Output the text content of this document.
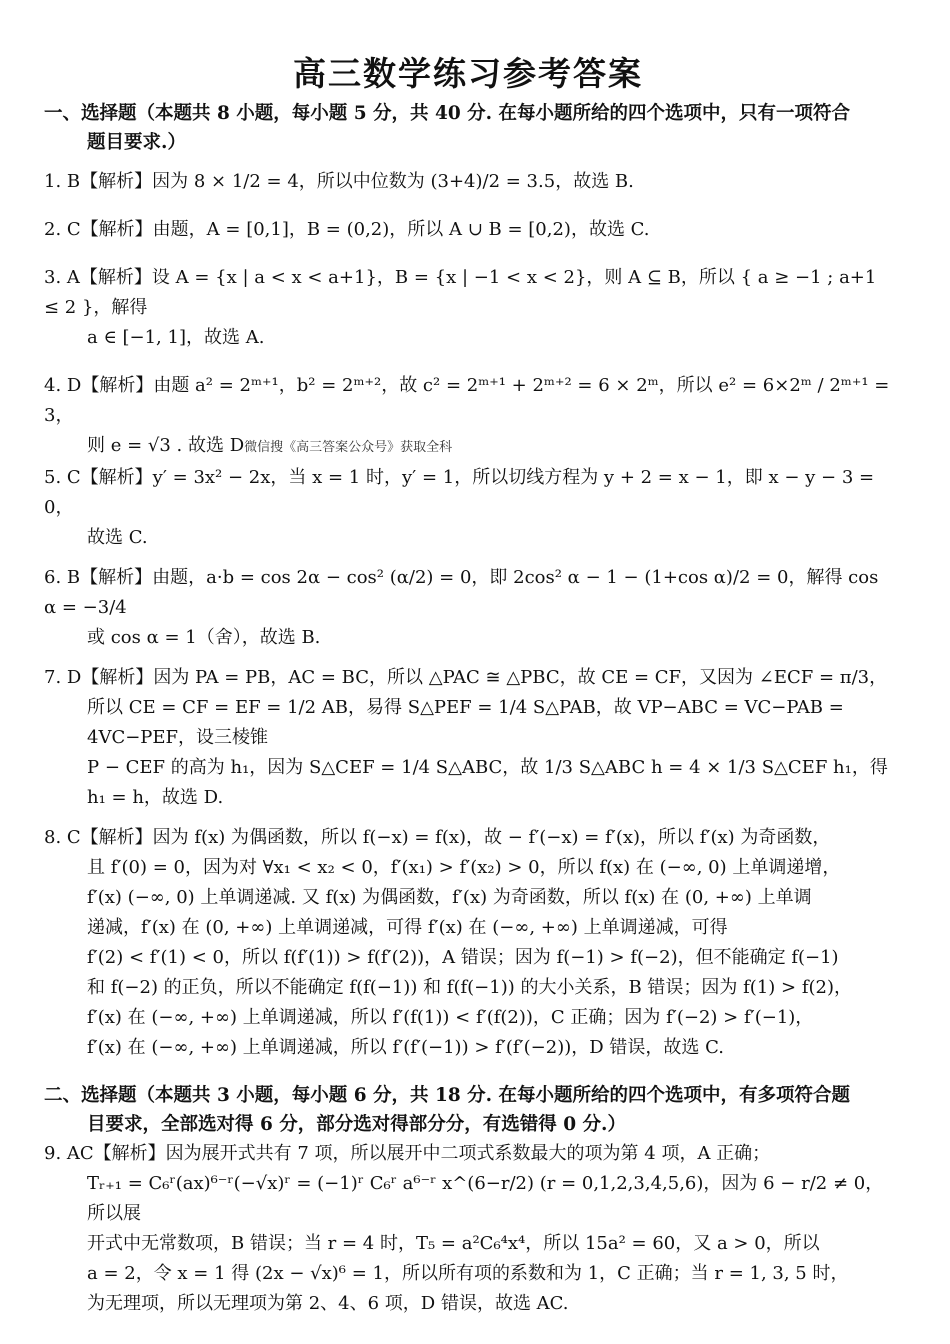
高三数学练习参考答案

一、选择题（本题共 8 小题，每小题 5 分，共 40 分. 在每小题所给的四个选项中，只有一项符合
题目要求.）

1. B【解析】因为 8 × 1/2 = 4，所以中位数为 (3+4)/2 = 3.5，故选 B.

2. C【解析】由题，A = [0,1]，B = (0,2)，所以 A ∪ B = [0,2)，故选 C.

3. A【解析】设 A = {x | a < x < a+1}，B = {x | −1 < x < 2}，则 A ⊆ B，所以 { a ≥ −1 ; a+1 ≤ 2 }，解得
a ∈ [−1, 1]，故选 A.

4. D【解析】由题 a² = 2ᵐ⁺¹，b² = 2ᵐ⁺²，故 c² = 2ᵐ⁺¹ + 2ᵐ⁺² = 6 × 2ᵐ，所以 e² = 6×2ᵐ / 2ᵐ⁺¹ = 3，
则 e = √3 . 故选 D微信搜《高三答案公众号》获取全科

5. C【解析】y′ = 3x² − 2x，当 x = 1 时，y′ = 1，所以切线方程为 y + 2 = x − 1，即 x − y − 3 = 0，
故选 C.

6. B【解析】由题，a·b = cos 2α − cos² (α/2) = 0，即 2cos² α − 1 − (1+cos α)/2 = 0，解得 cos α = −3/4
或 cos α = 1（舍），故选 B.

7. D【解析】因为 PA = PB，AC = BC，所以 △PAC ≅ △PBC，故 CE = CF，又因为 ∠ECF = π/3，
所以 CE = CF = EF = 1/2 AB，易得 S△PEF = 1/4 S△PAB，故 VP−ABC = VC−PAB = 4VC−PEF，设三棱锥
P − CEF 的高为 h₁，因为 S△CEF = 1/4 S△ABC，故 1/3 S△ABC h = 4 × 1/3 S△CEF h₁，得 h₁ = h，故选 D.

8. C【解析】因为 f(x) 为偶函数，所以 f(−x) = f(x)，故 − f′(−x) = f′(x)，所以 f′(x) 为奇函数，
且 f′(0) = 0，因为对 ∀x₁ < x₂ < 0，f′(x₁) > f′(x₂) > 0，所以 f(x) 在 (−∞, 0) 上单调递增，
f′(x) (−∞, 0) 上单调递减. 又 f(x) 为偶函数，f′(x) 为奇函数，所以 f(x) 在 (0, +∞) 上单调
递减，f′(x) 在 (0, +∞) 上单调递减，可得 f′(x) 在 (−∞, +∞) 上单调递减，可得
f′(2) < f′(1) < 0，所以 f(f′(1)) > f(f′(2))，A 错误；因为 f(−1) > f(−2)，但不能确定 f(−1)
和 f(−2) 的正负，所以不能确定 f(f(−1)) 和 f(f(−1)) 的大小关系，B 错误；因为 f(1) > f(2)，
f′(x) 在 (−∞, +∞) 上单调递减，所以 f′(f(1)) < f′(f(2))，C 正确；因为 f′(−2) > f′(−1)，
f′(x) 在 (−∞, +∞) 上单调递减，所以 f′(f′(−1)) > f′(f′(−2))，D 错误，故选 C.

二、选择题（本题共 3 小题，每小题 6 分，共 18 分. 在每小题所给的四个选项中，有多项符合题
目要求，全部选对得 6 分，部分选对得部分分，有选错得 0 分.）

9. AC【解析】因为展开式共有 7 项，所以展开中二项式系数最大的项为第 4 项，A 正确；
Tᵣ₊₁ = C₆ʳ(ax)⁶⁻ʳ(−√x)ʳ = (−1)ʳ C₆ʳ a⁶⁻ʳ x^(6−r/2) (r = 0,1,2,3,4,5,6)，因为 6 − r/2 ≠ 0，所以展
开式中无常数项，B 错误；当 r = 4 时，T₅ = a²C₆⁴x⁴，所以 15a² = 60，又 a > 0，所以
a = 2，令 x = 1 得 (2x − √x)⁶ = 1，所以所有项的系数和为 1，C 正确；当 r = 1, 3, 5 时，
为无理项，所以无理项为第 2、4、6 项，D 错误，故选 AC.
